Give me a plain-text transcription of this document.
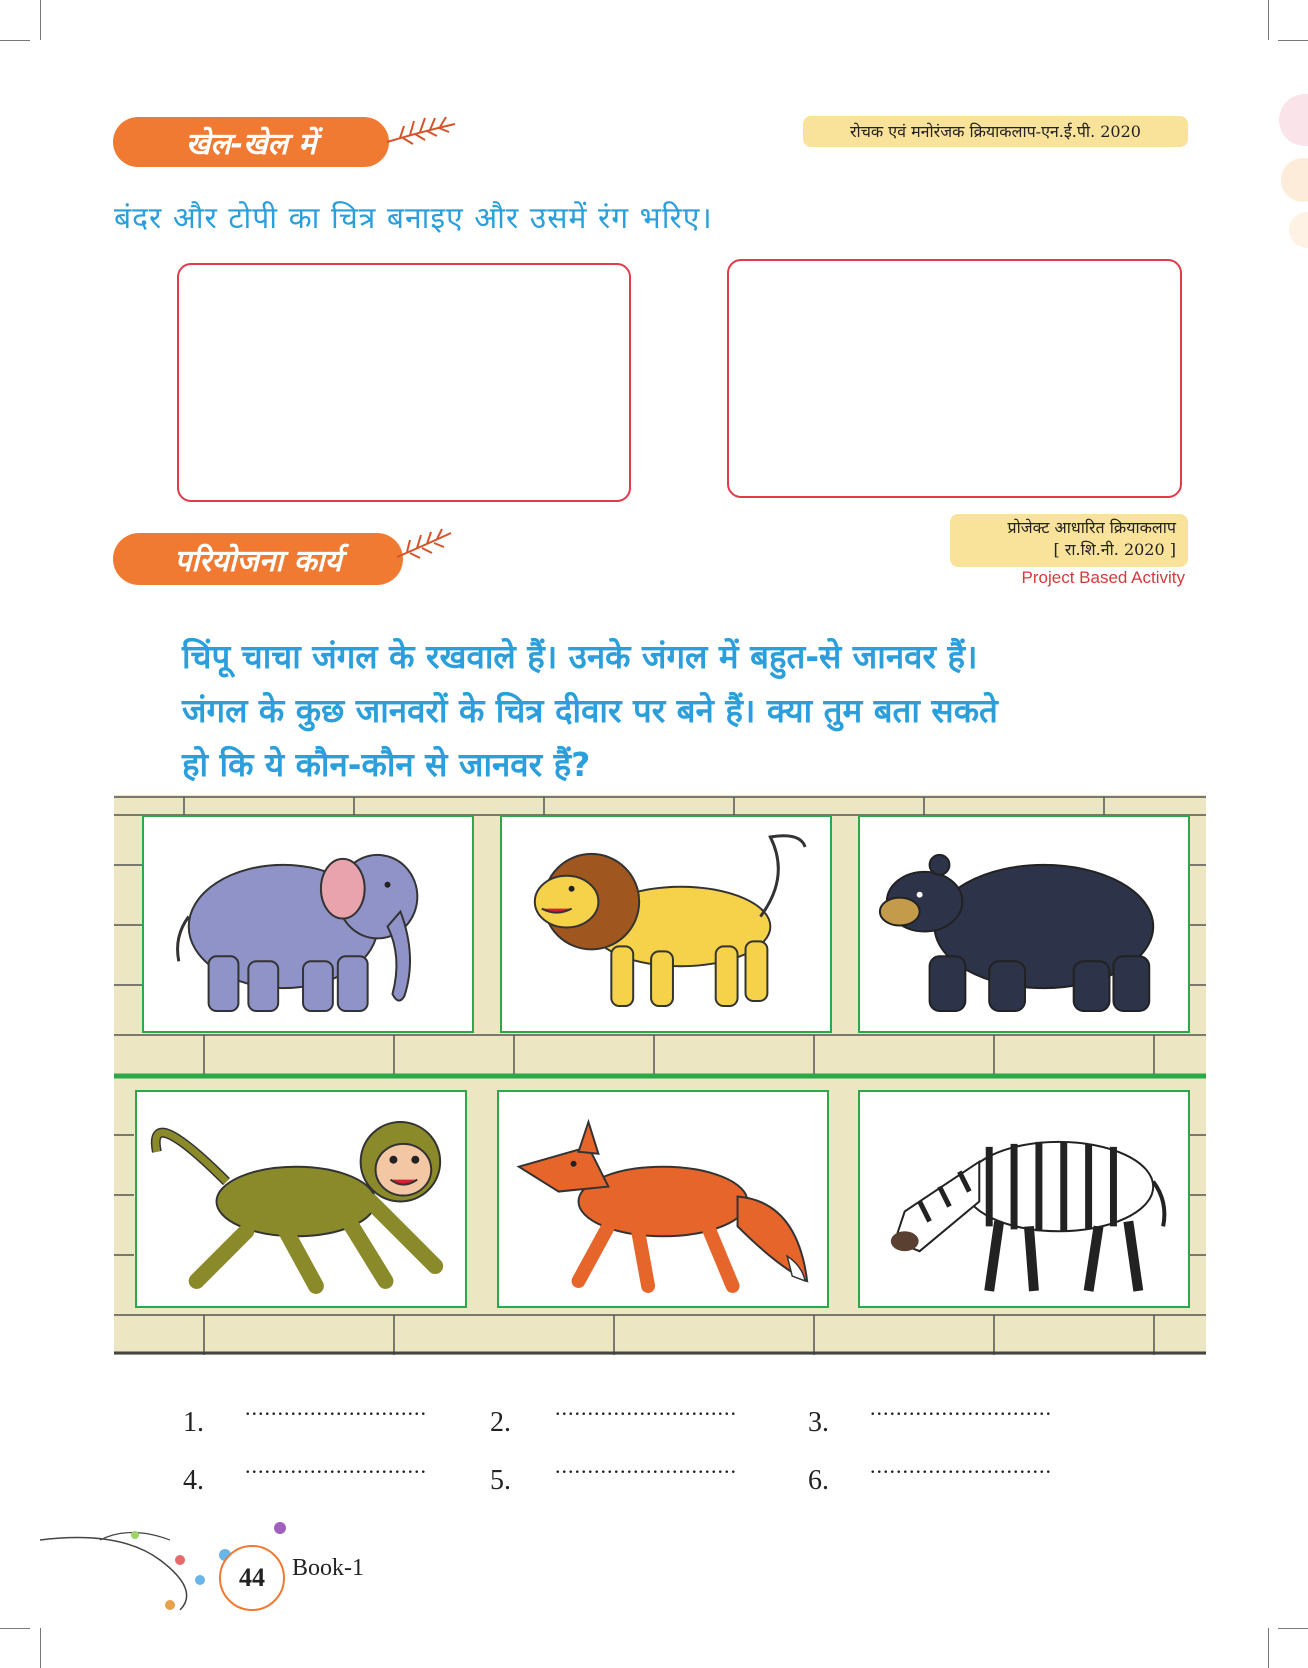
खेल-खेल में	रोचक एवं मनोरंजक क्रियाकलाप-एन.ई.पी. 2020
बंदर और टोपी का चित्र बनाइए और उसमें रंग भरिए।
परियोजना कार्य
प्रोजेक्ट आधारित क्रियाकलाप
[ रा.शि.नी. 2020 ]
Project Based Activity
चिंपू चाचा जंगल के रखवाले हैं। उनके जंगल में बहुत-से जानवर हैं।
जंगल के कुछ जानवरों के चित्र दीवार पर बने हैं। क्या तुम बता सकते
हो कि ये कौन-कौन से जानवर हैं?
1. ............................ 2. ............................	3. ............................
4. ............................ 5. ............................	6. ............................
44 Book-1
